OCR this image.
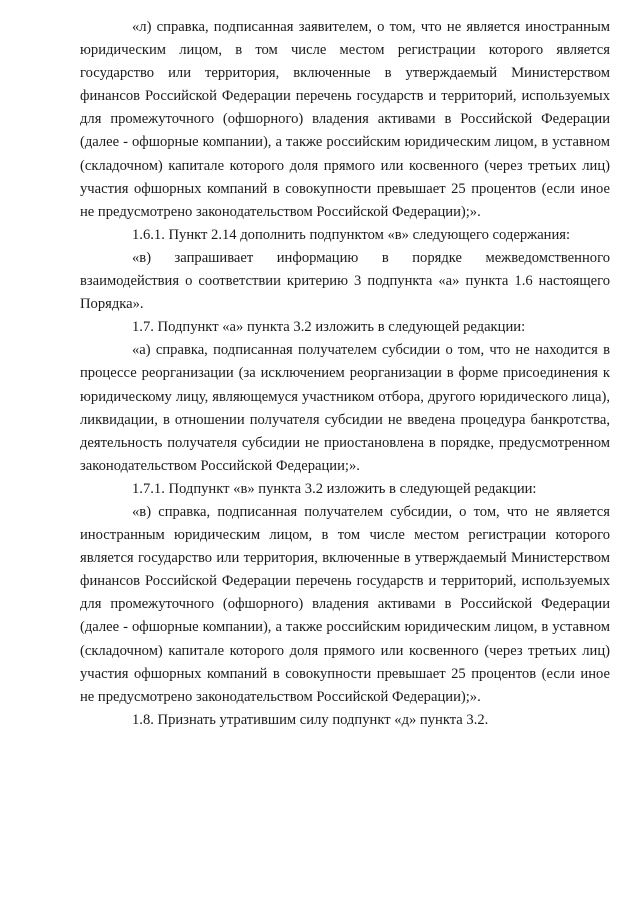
«л) справка, подписанная заявителем, о том, что не является иностранным юридическим лицом, в том числе местом регистрации которого является государство или территория, включенные в утверждаемый Министерством финансов Российской Федерации перечень государств и территорий, используемых для промежуточного (офшорного) владения активами в Российской Федерации (далее - офшорные компании), а также российским юридическим лицом, в уставном (складочном) капитале которого доля прямого или косвенного (через третьих лиц) участия офшорных компаний в совокупности превышает 25 процентов (если иное не предусмотрено законодательством Российской Федерации);».

1.6.1. Пункт 2.14 дополнить подпунктом «в» следующего содержания:

«в) запрашивает информацию в порядке межведомственного взаимодействия о соответствии критерию 3 подпункта «а» пункта 1.6 настоящего Порядка».

1.7. Подпункт «а» пункта 3.2 изложить в следующей редакции:

«а) справка, подписанная получателем субсидии о том, что не находится в процессе реорганизации (за исключением реорганизации в форме присоединения к юридическому лицу, являющемуся участником отбора, другого юридического лица), ликвидации, в отношении получателя субсидии не введена процедура банкротства, деятельность получателя субсидии не приостановлена в порядке, предусмотренном законодательством Российской Федерации;».

1.7.1. Подпункт «в» пункта 3.2 изложить в следующей редакции:

«в) справка, подписанная получателем субсидии, о том, что не является иностранным юридическим лицом, в том числе местом регистрации которого является государство или территория, включенные в утверждаемый Министерством финансов Российской Федерации перечень государств и территорий, используемых для промежуточного (офшорного) владения активами в Российской Федерации (далее - офшорные компании), а также российским юридическим лицом, в уставном (складочном) капитале которого доля прямого или косвенного (через третьих лиц) участия офшорных компаний в совокупности превышает 25 процентов (если иное не предусмотрено законодательством Российской Федерации);».

1.8. Признать утратившим силу подпункт «д» пункта 3.2.
